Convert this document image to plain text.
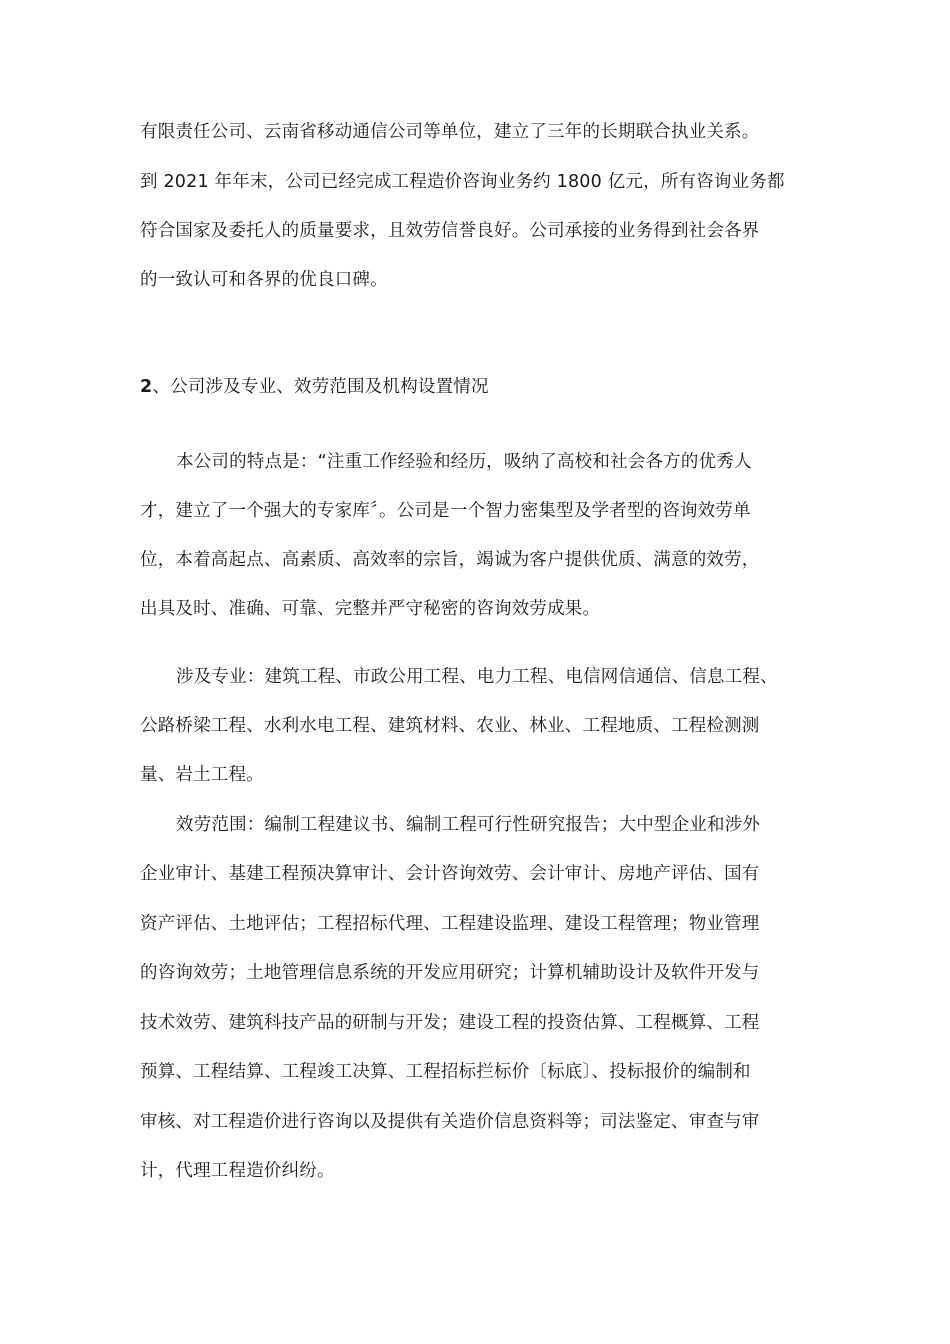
有限责任公司、云南省移动通信公司等单位，建立了三年的长期联合执业关系。
到 2021 年年末，公司已经完成工程造价咨询业务约 1800 亿元，所有咨询业务都
符合国家及委托人的质量要求，且效劳信誉良好。公司承接的业务得到社会各界
的一致认可和各界的优良口碑。
2、公司涉及专业、效劳范围及机构设置情况
本公司的特点是：“注重工作经验和经历，吸纳了高校和社会各方的优秀人
才，建立了一个强大的专家库〞。公司是一个智力密集型及学者型的咨询效劳单
位，本着高起点、高素质、高效率的宗旨，竭诚为客户提供优质、满意的效劳，
出具及时、准确、可靠、完整并严守秘密的咨询效劳成果。
涉及专业：建筑工程、市政公用工程、电力工程、电信网信通信、信息工程、
公路桥梁工程、水利水电工程、建筑材料、农业、林业、工程地质、工程检测测
量、岩土工程。
效劳范围：编制工程建议书、编制工程可行性研究报告；大中型企业和涉外
企业审计、基建工程预决算审计、会计咨询效劳、会计审计、房地产评估、国有
资产评估、土地评估；工程招标代理、工程建设监理、建设工程管理；物业管理
的咨询效劳；土地管理信息系统的开发应用研究；计算机辅助设计及软件开发与
技术效劳、建筑科技产品的研制与开发；建设工程的投资估算、工程概算、工程
预算、工程结算、工程竣工决算、工程招标拦标价〔标底〕、投标报价的编制和
审核、对工程造价进行咨询以及提供有关造价信息资料等；司法鉴定、审查与审
计，代理工程造价纠纷。
